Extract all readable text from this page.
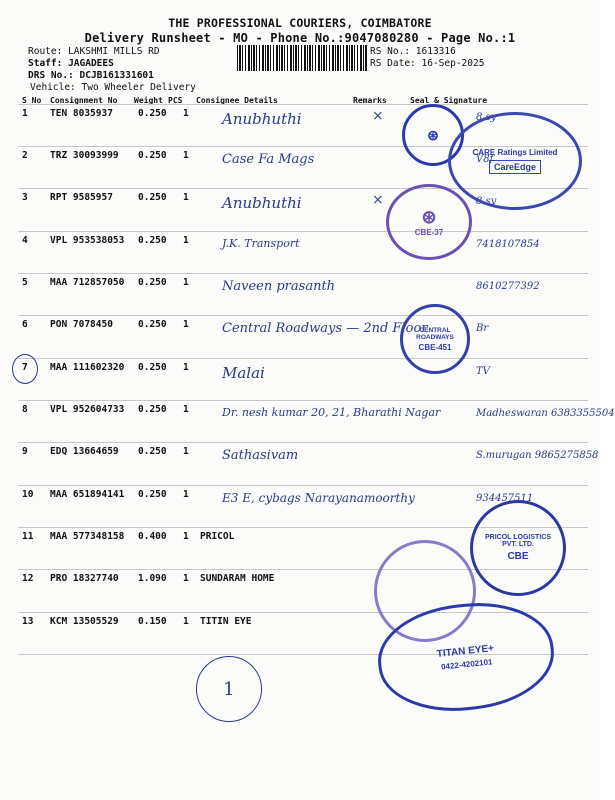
THE PROFESSIONAL COURIERS, COIMBATORE
Delivery Runsheet - MO - Phone No.:9047080280 - Page No.:1
Route: LAKSHMI MILLS RD
Staff: JAGADEES
DRS No.: DCJB161331601
Vehicle: Two Wheeler Delivery
RS No.: 1613316
RS Date: 16-Sep-2025
S No Consignment No Weight PCS Consignee Details	Remarks	Seal & Signature
1 TEN 8035937	0.250 1 Anubhuthi	×	8 sy
2 TRZ 30093999 0.250 1	Case Fa Mags	V8f
3 RPT 9585957	0.250 1 Anubhuthi	×	8 sy
4 VPL 953538053 0.250 1	J.K. Transport	7418107854
5 MAA 712857050 0.250 1	Naveen prasanth	8610277392
6 PON 7078450	0.250 1	Central Roadways — 2nd Floor	Br
7 MAA 111602320 0.250 1 Malai	TV
8 VPL 952604733 0.250 1	Dr. nesh kumar 20, 21, Bharathi Nagar	Madheswaran 6383355504
9 EDQ 13664659 0.250 1	Sathasivam	S.murugan 9865275858
10 MAA 651894141 0.250 1	E3 E, cybags Narayanamoorthy	934457511
11 MAA 577348158 0.400 1 PRICOL
12 PRO 18327740 1.090 1 SUNDARAM HOME
13 KCM 13505529 0.150 1 TITIN EYE
⊛
CARE Ratings Limited
CareEdge
⊛
CBE-37
CENTRAL ROADWAYS
CBE-451
PRICOL LOGISTICS PVT. LTD.
CBE
TITAN EYE+
0422-4202101
1
